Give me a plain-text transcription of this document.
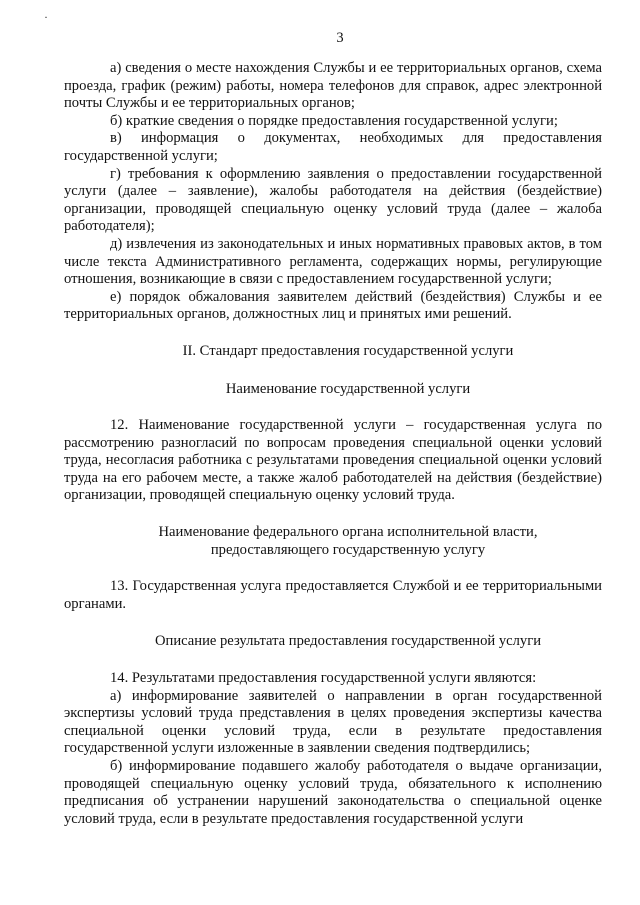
3
·

а) сведения о месте нахождения Службы и ее территориальных органов, схема проезда, график (режим) работы, номера телефонов для справок, адрес электронной почты Службы и ее территориальных органов;

б) краткие сведения о порядке предоставления государственной услуги;

в) информация о документах, необходимых для предоставления государственной услуги;

г) требования к оформлению заявления о предоставлении государственной услуги (далее – заявление), жалобы работодателя на действия (бездействие) организации, проводящей специальную оценку условий труда (далее – жалоба работодателя);

д) извлечения из законодательных и иных нормативных правовых актов, в том числе текста Административного регламента, содержащих нормы, регулирующие отношения, возникающие в связи с предоставлением государственной услуги;

е) порядок обжалования заявителем действий (бездействия) Службы и ее территориальных органов, должностных лиц и принятых ими решений.

II. Стандарт предоставления государственной услуги

Наименование государственной услуги

12. Наименование государственной услуги – государственная услуга по рассмотрению разногласий по вопросам проведения специальной оценки условий труда, несогласия работника с результатами проведения специальной оценки условий труда на его рабочем месте, а также жалоб работодателей на действия (бездействие) организации, проводящей специальную оценку условий труда.

Наименование федерального органа исполнительной власти,

предоставляющего государственную услугу

13. Государственная услуга предоставляется Службой и ее территориальными органами.

Описание результата предоставления государственной услуги

14. Результатами предоставления государственной услуги являются:

а) информирование заявителей о направлении в орган государственной экспертизы условий труда представления в целях проведения экспертизы качества специальной оценки условий труда, если в результате предоставления государственной услуги изложенные в заявлении сведения подтвердились;

б) информирование подавшего жалобу работодателя о выдаче организации, проводящей специальную оценку условий труда, обязательного к исполнению предписания об устранении нарушений законодательства о специальной оценке условий труда, если в результате предоставления государственной услуги
